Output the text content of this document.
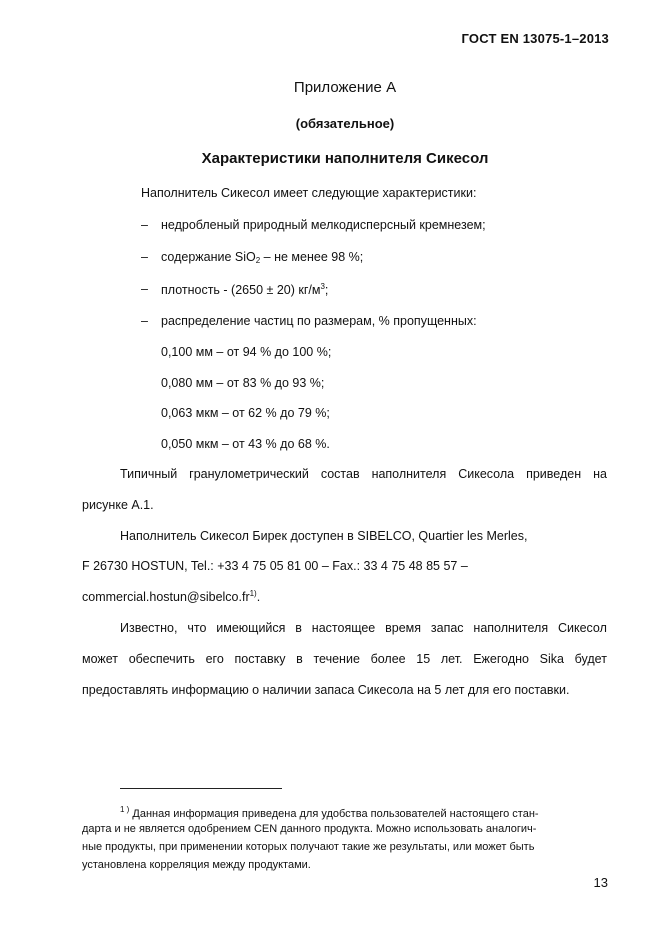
ГОСТ EN 13075-1–2013
Приложение А
(обязательное)
Характеристики наполнителя Сикесол
Наполнитель Сикесол имеет следующие характеристики:
– недробленый природный мелкодисперсный кремнезем;
– содержание SiO$_2$ – не менее 98 %;
– плотность - (2650 ± 20) $кг/м^3$;
– распределение частиц по размерам, % пропущенных:
0,100 мм – от 94 % до 100 %;
0,080 мм – от 83 % до 93 %;
0,063 мкм – от 62 % до 79 %;
0,050 мкм – от 43 % до 68 %.
Типичный гранулометрический состав наполнителя Сикесола приведен на
рисунке А.1.
Наполнитель Сикесол Бирек доступен в SIBELCO, Quartier les Merles,
F 26730 HOSTUN, Tel.: +33 4 75 05 81 00 – Fax.: 33 4 75 48 85 57 –
$commercial.hostun@sibelco.fr^{1)}$.
Известно, что имеющийся в настоящее время запас наполнителя Сикесол
может обеспечить его поставку в течение более 15 лет. Ежегодно Sika будет
предоставлять информацию о наличии запаса Сикесола на 5 лет для его поставки.
$^{1 )}$ Данная информация приведена для удобства пользователей настоящего стан-
дарта и не является одобрением CEN данного продукта. Можно использовать аналогич-
ные продукты, при применении которых получают такие же результаты, или может быть
установлена корреляция между продуктами.
13
